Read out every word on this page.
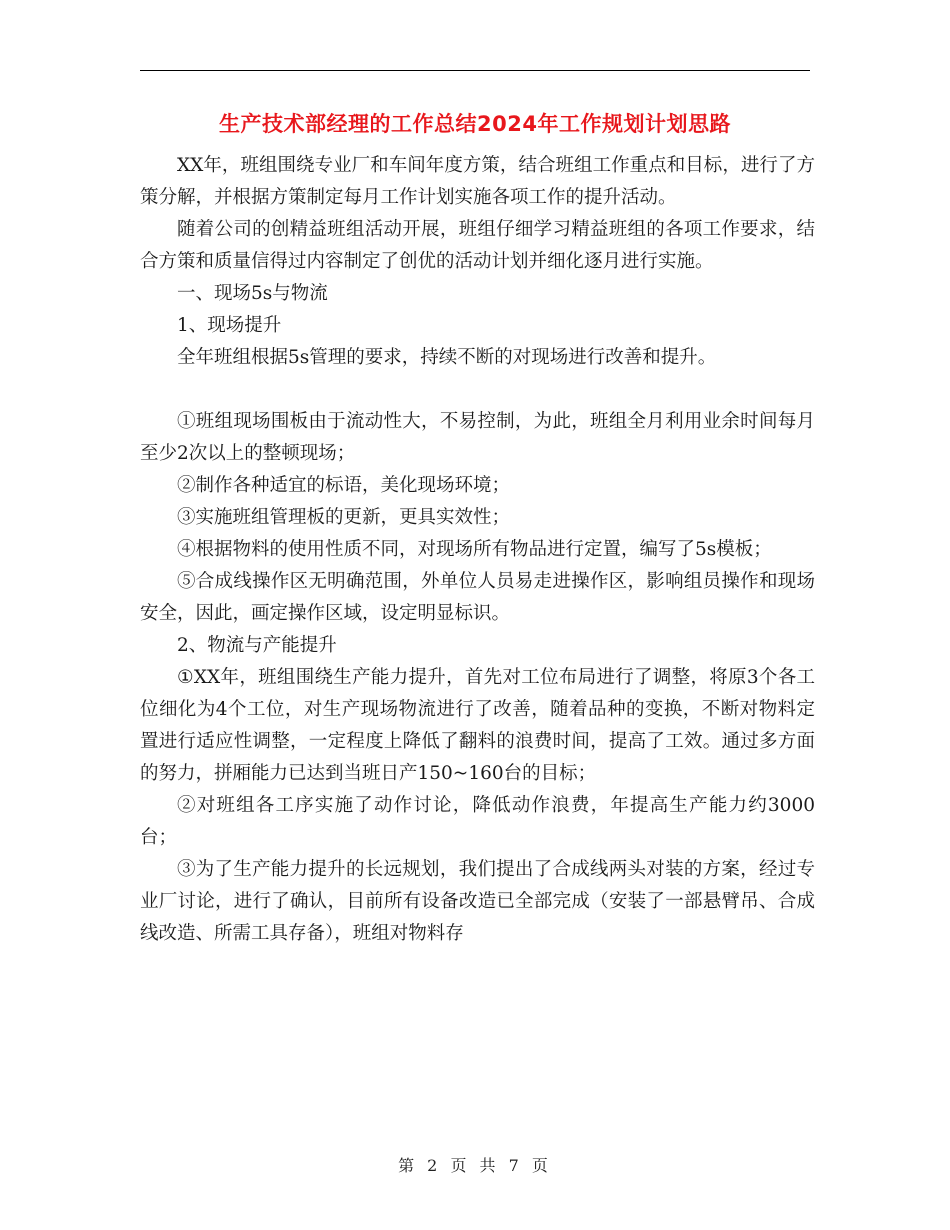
生产技术部经理的工作总结2024年工作规划计划思路

XX年，班组围绕专业厂和车间年度方策，结合班组工作重点和目标，进行了方策分解，并根据方策制定每月工作计划实施各项工作的提升活动。

随着公司的创精益班组活动开展，班组仔细学习精益班组的各项工作要求，结合方策和质量信得过内容制定了创优的活动计划并细化逐月进行实施。

一、现场5s与物流

1、现场提升

全年班组根据5s管理的要求，持续不断的对现场进行改善和提升。

①班组现场围板由于流动性大，不易控制，为此，班组全月利用业余时间每月至少2次以上的整顿现场；

②制作各种适宜的标语，美化现场环境；

③实施班组管理板的更新，更具实效性；

④根据物料的使用性质不同，对现场所有物品进行定置，编写了5s模板；

⑤合成线操作区无明确范围，外单位人员易走进操作区，影响组员操作和现场安全，因此，画定操作区域，设定明显标识。

2、物流与产能提升

①XX年，班组围绕生产能力提升，首先对工位布局进行了调整，将原3个各工位细化为4个工位，对生产现场物流进行了改善，随着品种的变换，不断对物料定置进行适应性调整，一定程度上降低了翻料的浪费时间，提高了工效。通过多方面的努力，拼厢能力已达到当班日产150~160台的目标；

②对班组各工序实施了动作讨论，降低动作浪费，年提高生产能力约3000台；

③为了生产能力提升的长远规划，我们提出了合成线两头对装的方案，经过专业厂讨论，进行了确认，目前所有设备改造已全部完成（安装了一部悬臂吊、合成线改造、所需工具存备），班组对物料存

第 2 页 共 7 页
